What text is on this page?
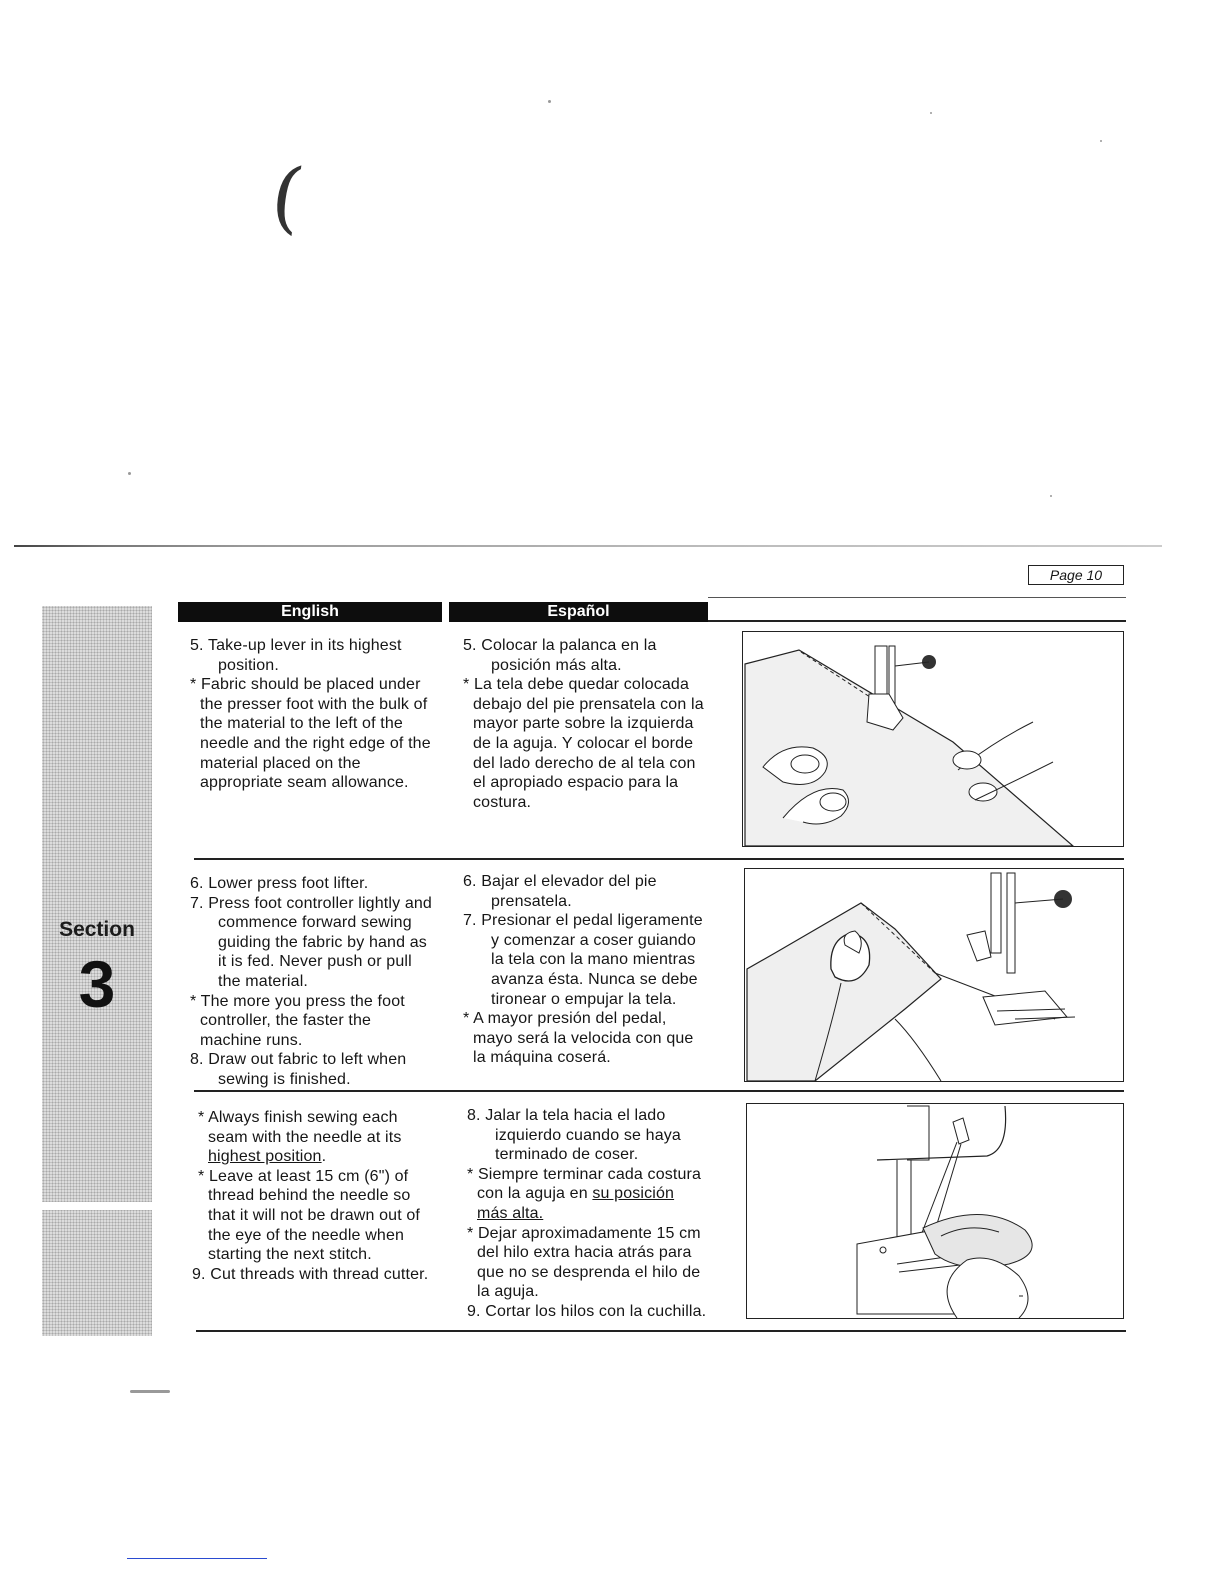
(
Page 10
Section
3
English	Español

5. Take-up lever in its highest position.

* Fabric should be placed under the presser foot with the bulk of the material to the left of the needle and the right edge of the material placed on the appropriate seam allowance.

5. Colocar la palanca en la posición más alta.

* La tela debe quedar colocada debajo del pie prensatela con la mayor parte sobre la izquierda de la aguja. Y colocar el borde del lado derecho de al tela con el apropiado espacio para la costura.

6. Lower press foot lifter.

7. Press foot controller lightly and commence forward sewing guiding the fabric by hand as it is fed. Never push or pull the material.

* The more you press the foot controller, the faster the machine runs.

8. Draw out fabric to left when sewing is finished.

6. Bajar el elevador del pie prensatela.

7. Presionar el pedal ligeramente y comenzar a coser guiando la tela con la mano mientras avanza ésta. Nunca se debe tironear o empujar la tela.

* A mayor presión del pedal, mayo será la velocida con que la máquina coserá.

* Always finish sewing each seam with the needle at its highest position.

* Leave at least 15 cm (6") of thread behind the needle so that it will not be drawn out of the eye of the needle when starting the next stitch.

9. Cut threads with thread cutter.

8. Jalar la tela hacia el lado izquierdo cuando se haya terminado de coser.

* Siempre terminar cada costura con la aguja en su posición más alta.

* Dejar aproximadamente 15 cm del hilo extra hacia atrás para que no se desprenda el hilo de la aguja.

9. Cortar los hilos con la cuchilla.
